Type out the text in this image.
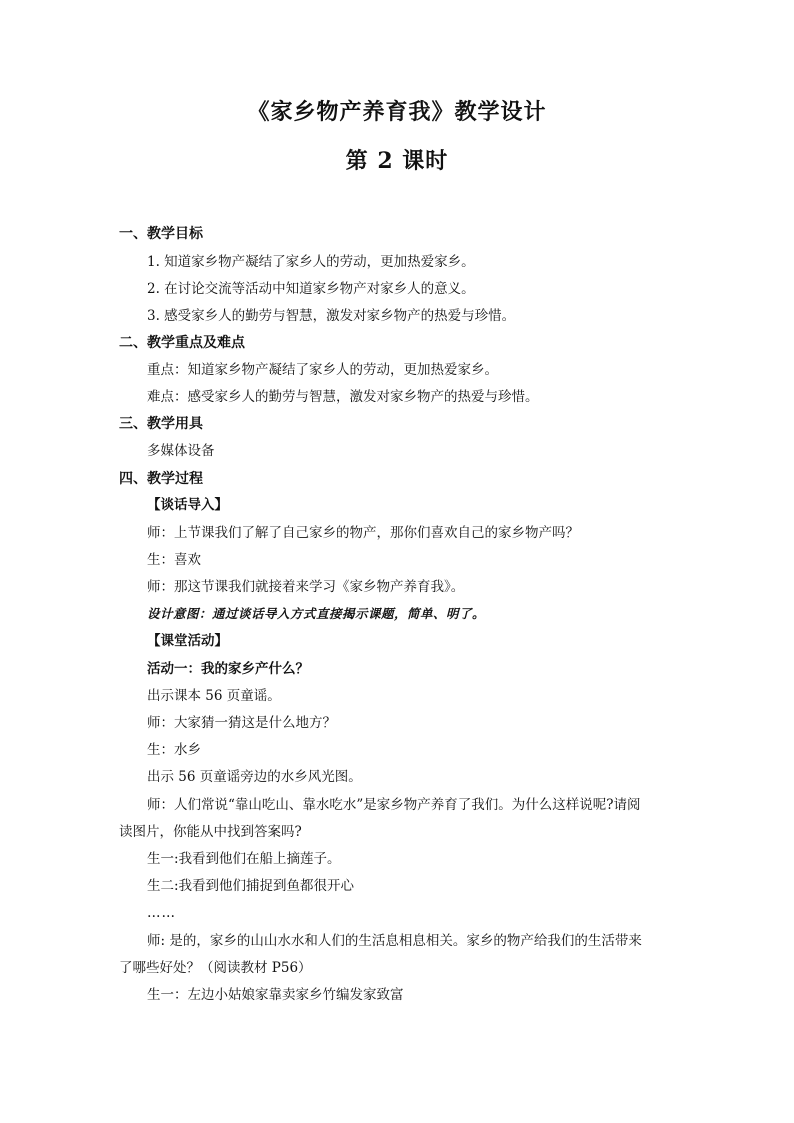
《家乡物产养育我》教学设计
第 2 课时
一、教学目标
1. 知道家乡物产凝结了家乡人的劳动，更加热爱家乡。
2. 在讨论交流等活动中知道家乡物产对家乡人的意义。
3. 感受家乡人的勤劳与智慧，激发对家乡物产的热爱与珍惜。
二、教学重点及难点
重点：知道家乡物产凝结了家乡人的劳动，更加热爱家乡。
难点：感受家乡人的勤劳与智慧，激发对家乡物产的热爱与珍惜。
三、教学用具
多媒体设备
四、教学过程
【谈话导入】
师：上节课我们了解了自己家乡的物产，那你们喜欢自己的家乡物产吗？
生：喜欢
师：那这节课我们就接着来学习《家乡物产养育我》。
设计意图：通过谈话导入方式直接揭示课题，简单、明了。
【课堂活动】
活动一：我的家乡产什么？
出示课本 56 页童谣。
师：大家猜一猜这是什么地方？
生：水乡
出示 56 页童谣旁边的水乡风光图。
师：人们常说“靠山吃山、靠水吃水”是家乡物产养育了我们。为什么这样说呢?请阅
读图片，你能从中找到答案吗?
生一:我看到他们在船上摘莲子。
生二:我看到他们捕捉到鱼都很开心
……
师: 是的，家乡的山山水水和人们的生活息相息相关。家乡的物产给我们的生活带来
了哪些好处？（阅读教材 P56）
生一：左边小姑娘家靠卖家乡竹编发家致富
